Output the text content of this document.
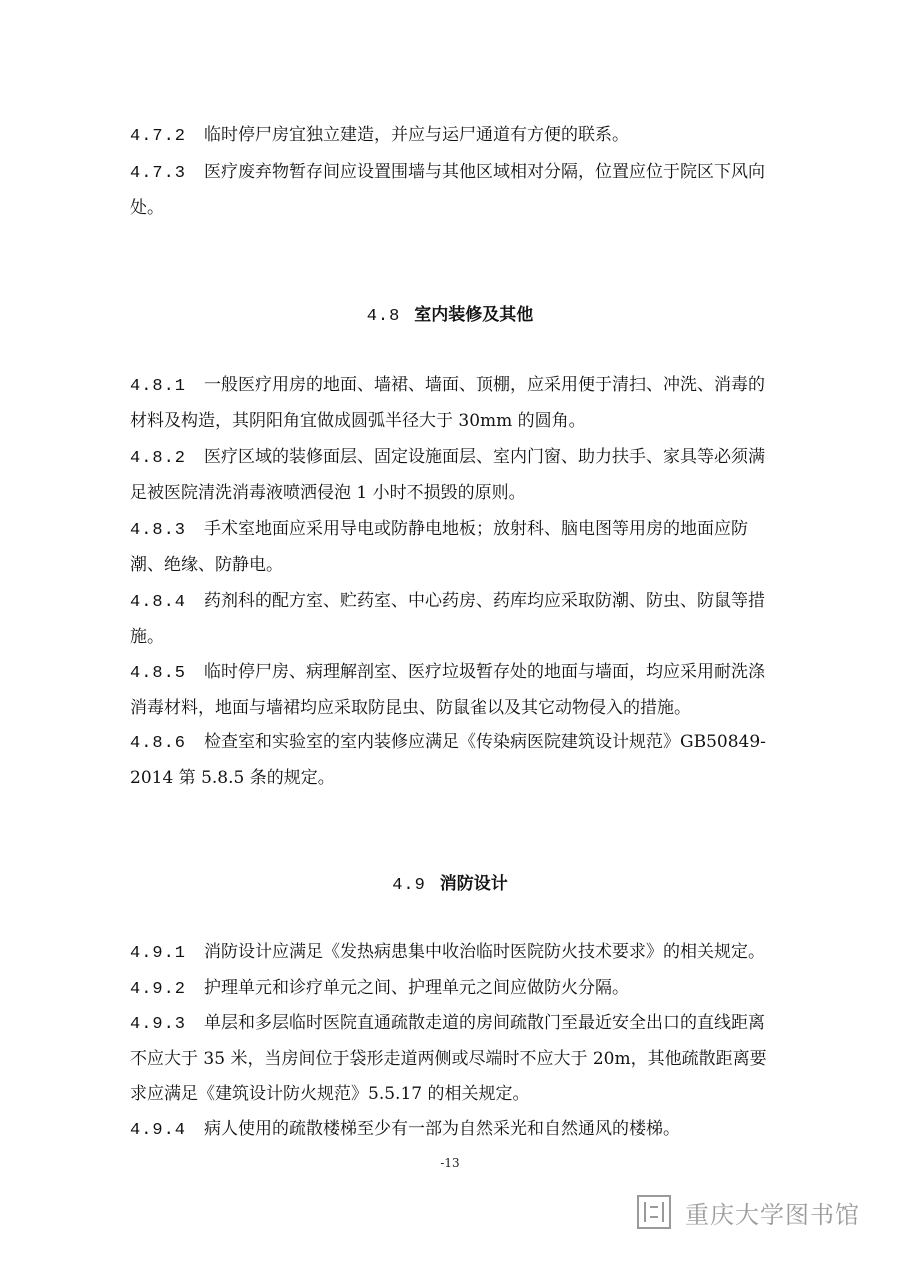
4.7.2 临时停尸房宜独立建造，并应与运尸通道有方便的联系。
4.7.3 医疗废弃物暂存间应设置围墙与其他区域相对分隔，位置应位于院区下风向处。
4.8 室内装修及其他
4.8.1 一般医疗用房的地面、墙裙、墙面、顶棚，应采用便于清扫、冲洗、消毒的材料及构造，其阴阳角宜做成圆弧半径大于 30mm 的圆角。
4.8.2 医疗区域的装修面层、固定设施面层、室内门窗、助力扶手、家具等必须满足被医院清洗消毒液喷洒侵泡 1 小时不损毁的原则。
4.8.3 手术室地面应采用导电或防静电地板；放射科、脑电图等用房的地面应防潮、绝缘、防静电。
4.8.4 药剂科的配方室、贮药室、中心药房、药库均应采取防潮、防虫、防鼠等措施。
4.8.5 临时停尸房、病理解剖室、医疗垃圾暂存处的地面与墙面，均应采用耐洗涤消毒材料，地面与墙裙均应采取防昆虫、防鼠雀以及其它动物侵入的措施。
4.8.6 检查室和实验室的室内装修应满足《传染病医院建筑设计规范》GB50849-2014 第 5.8.5 条的规定。
4.9 消防设计
4.9.1 消防设计应满足《发热病患集中收治临时医院防火技术要求》的相关规定。
4.9.2 护理单元和诊疗单元之间、护理单元之间应做防火分隔。
4.9.3 单层和多层临时医院直通疏散走道的房间疏散门至最近安全出口的直线距离不应大于 35 米，当房间位于袋形走道两侧或尽端时不应大于 20m，其他疏散距离要求应满足《建筑设计防火规范》5.5.17 的相关规定。
4.9.4 病人使用的疏散楼梯至少有一部为自然采光和自然通风的楼梯。
-13
重庆大学图书馆
